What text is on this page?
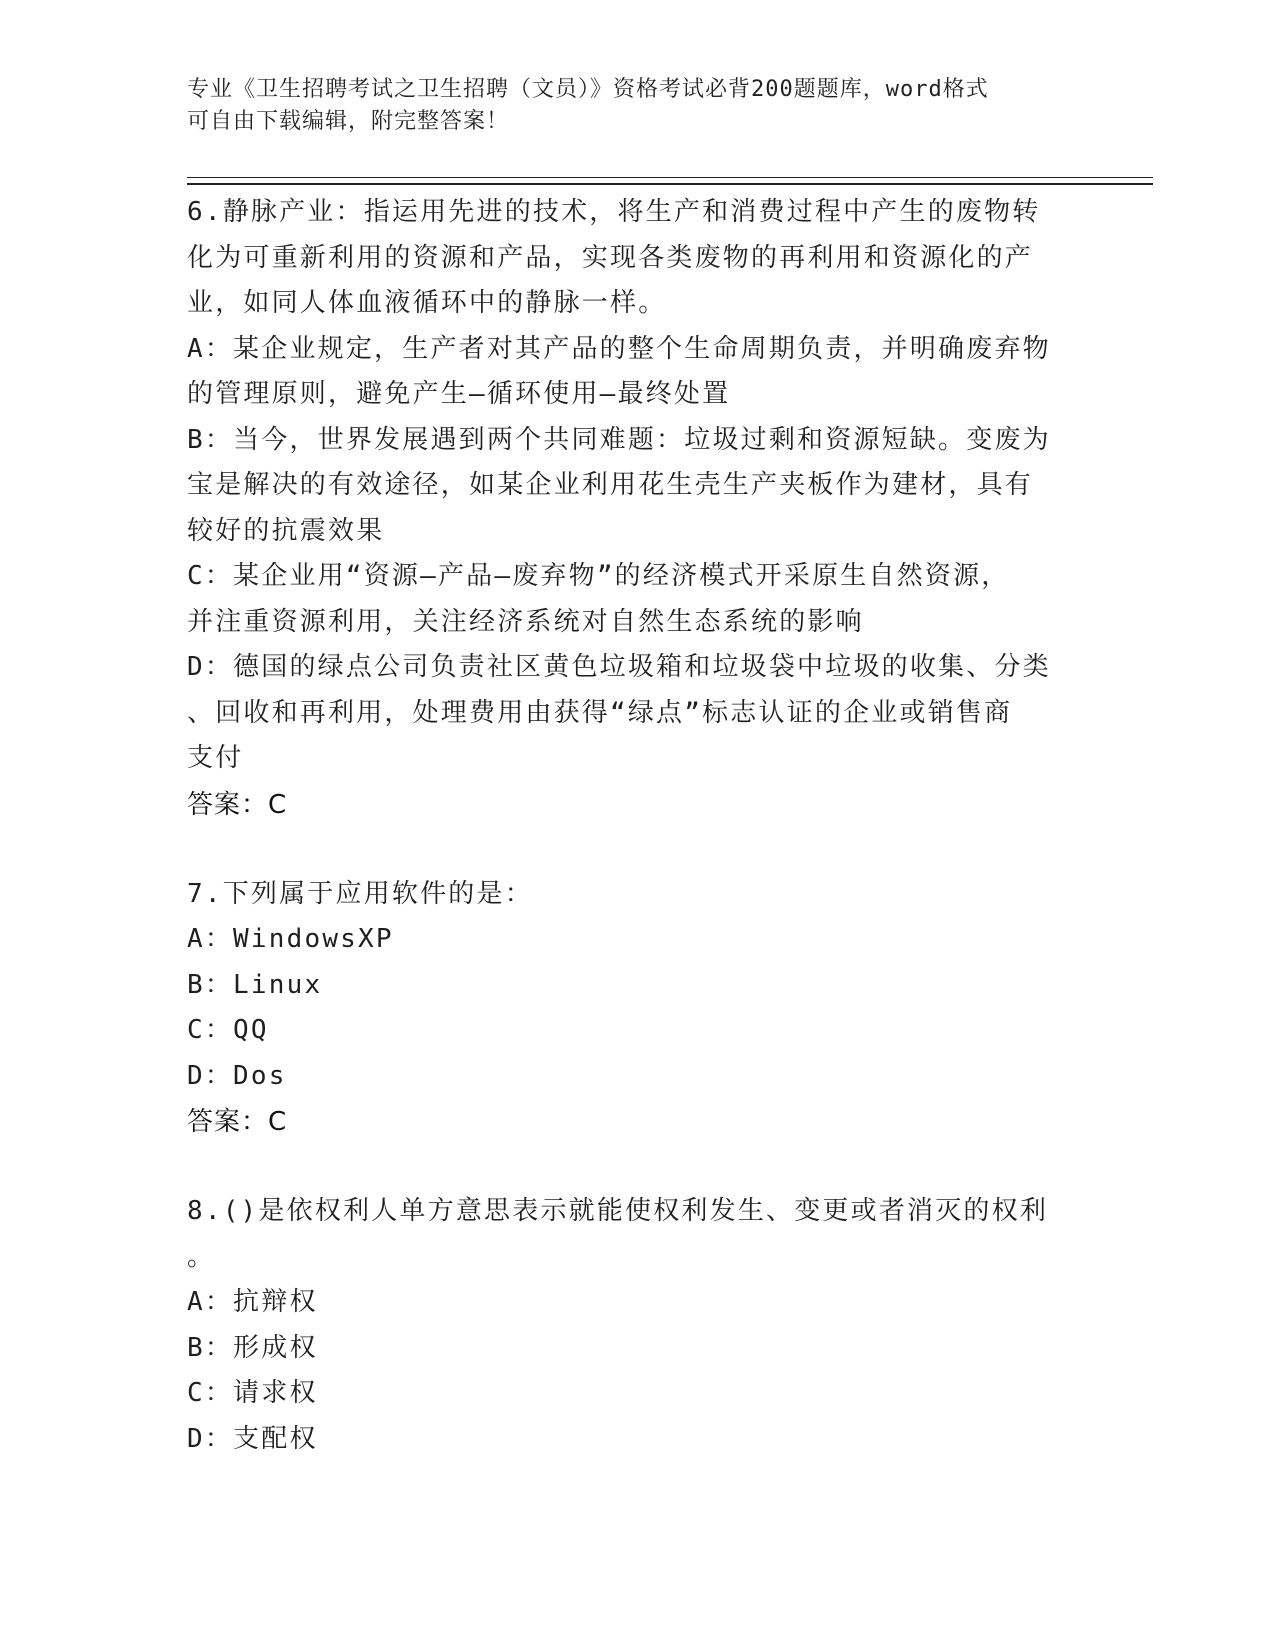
专业《卫生招聘考试之卫生招聘（文员）》资格考试必背200题题库，word格式
可自由下载编辑，附完整答案！
6.静脉产业：指运用先进的技术，将生产和消费过程中产生的废物转
化为可重新利用的资源和产品，实现各类废物的再利用和资源化的产
业，如同人体血液循环中的静脉一样。
A：某企业规定，生产者对其产品的整个生命周期负责，并明确废弃物
的管理原则，避免产生—循环使用—最终处置
B：当今，世界发展遇到两个共同难题：垃圾过剩和资源短缺。变废为
宝是解决的有效途径，如某企业利用花生壳生产夹板作为建材，具有
较好的抗震效果
C：某企业用“资源—产品—废弃物”的经济模式开采原生自然资源，
并注重资源利用，关注经济系统对自然生态系统的影响
D：德国的绿点公司负责社区黄色垃圾箱和垃圾袋中垃圾的收集、分类
、回收和再利用，处理费用由获得“绿点”标志认证的企业或销售商
支付
答案：C
7.下列属于应用软件的是：
A：WindowsXP
B：Linux
C：QQ
D：Dos
答案：C
8.()是依权利人单方意思表示就能使权利发生、变更或者消灭的权利
。
A：抗辩权
B：形成权
C：请求权
D：支配权
